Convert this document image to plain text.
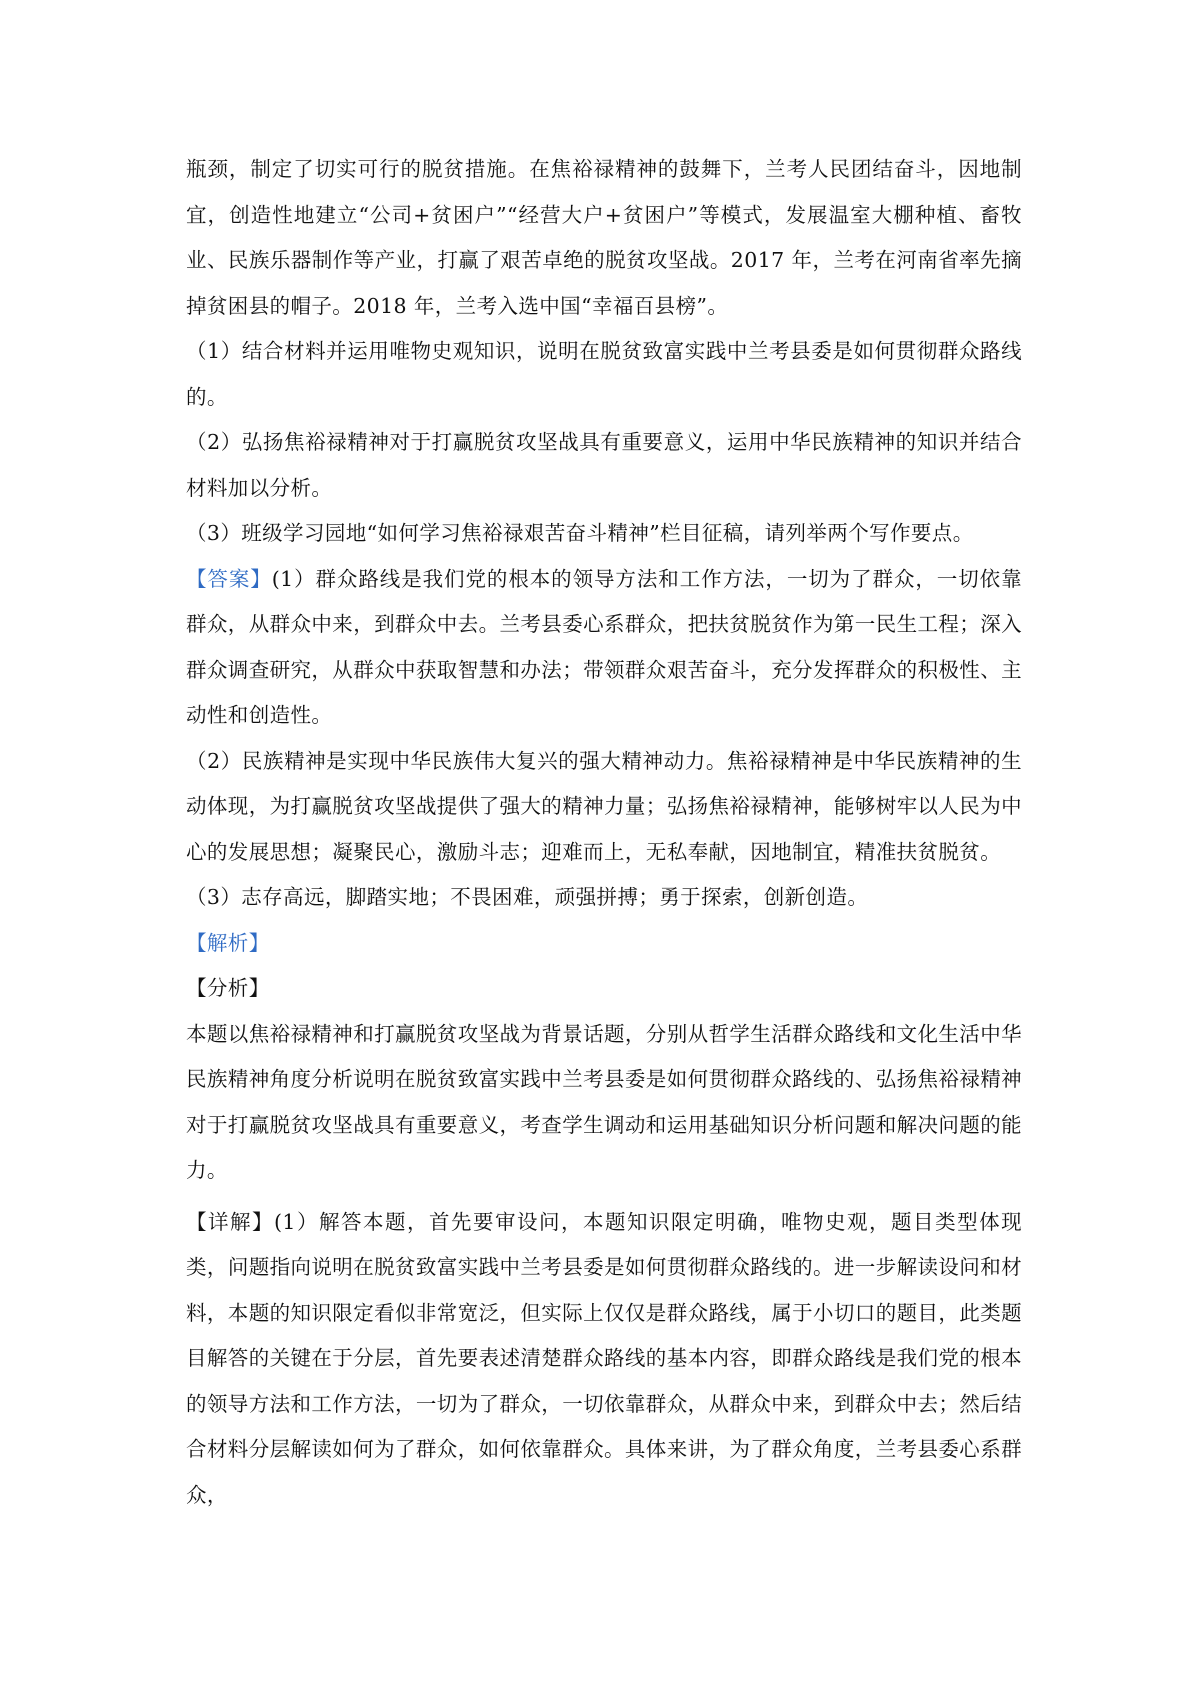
瓶颈，制定了切实可行的脱贫措施。在焦裕禄精神的鼓舞下，兰考人民团结奋斗，因地制宜，创造性地建立“公司+贫困户”“经营大户+贫困户”等模式，发展温室大棚种植、畜牧业、民族乐器制作等产业，打赢了艰苦卓绝的脱贫攻坚战。2017 年，兰考在河南省率先摘掉贫困县的帽子。2018 年，兰考入选中国“幸福百县榜”。

（1）结合材料并运用唯物史观知识，说明在脱贫致富实践中兰考县委是如何贯彻群众路线的。

（2）弘扬焦裕禄精神对于打赢脱贫攻坚战具有重要意义，运用中华民族精神的知识并结合材料加以分析。

（3）班级学习园地“如何学习焦裕禄艰苦奋斗精神”栏目征稿，请列举两个写作要点。

【答案】(1）群众路线是我们党的根本的领导方法和工作方法，一切为了群众，一切依靠群众，从群众中来，到群众中去。兰考县委心系群众，把扶贫脱贫作为第一民生工程；深入群众调查研究，从群众中获取智慧和办法；带领群众艰苦奋斗，充分发挥群众的积极性、主动性和创造性。

（2）民族精神是实现中华民族伟大复兴的强大精神动力。焦裕禄精神是中华民族精神的生动体现，为打赢脱贫攻坚战提供了强大的精神力量；弘扬焦裕禄精神，能够树牢以人民为中心的发展思想；凝聚民心，激励斗志；迎难而上，无私奉献，因地制宜，精准扶贫脱贫。

（3）志存高远，脚踏实地；不畏困难，顽强拼搏；勇于探索，创新创造。

【解析】

【分析】

本题以焦裕禄精神和打赢脱贫攻坚战为背景话题，分别从哲学生活群众路线和文化生活中华民族精神角度分析说明在脱贫致富实践中兰考县委是如何贯彻群众路线的、弘扬焦裕禄精神对于打赢脱贫攻坚战具有重要意义，考查学生调动和运用基础知识分析问题和解决问题的能力。

【详解】(1）解答本题，首先要审设问，本题知识限定明确，唯物史观，题目类型体现类，问题指向说明在脱贫致富实践中兰考县委是如何贯彻群众路线的。进一步解读设问和材料，本题的知识限定看似非常宽泛，但实际上仅仅是群众路线，属于小切口的题目，此类题目解答的关键在于分层，首先要表述清楚群众路线的基本内容，即群众路线是我们党的根本的领导方法和工作方法，一切为了群众，一切依靠群众，从群众中来，到群众中去；然后结合材料分层解读如何为了群众，如何依靠群众。具体来讲，为了群众角度，兰考县委心系群众，
